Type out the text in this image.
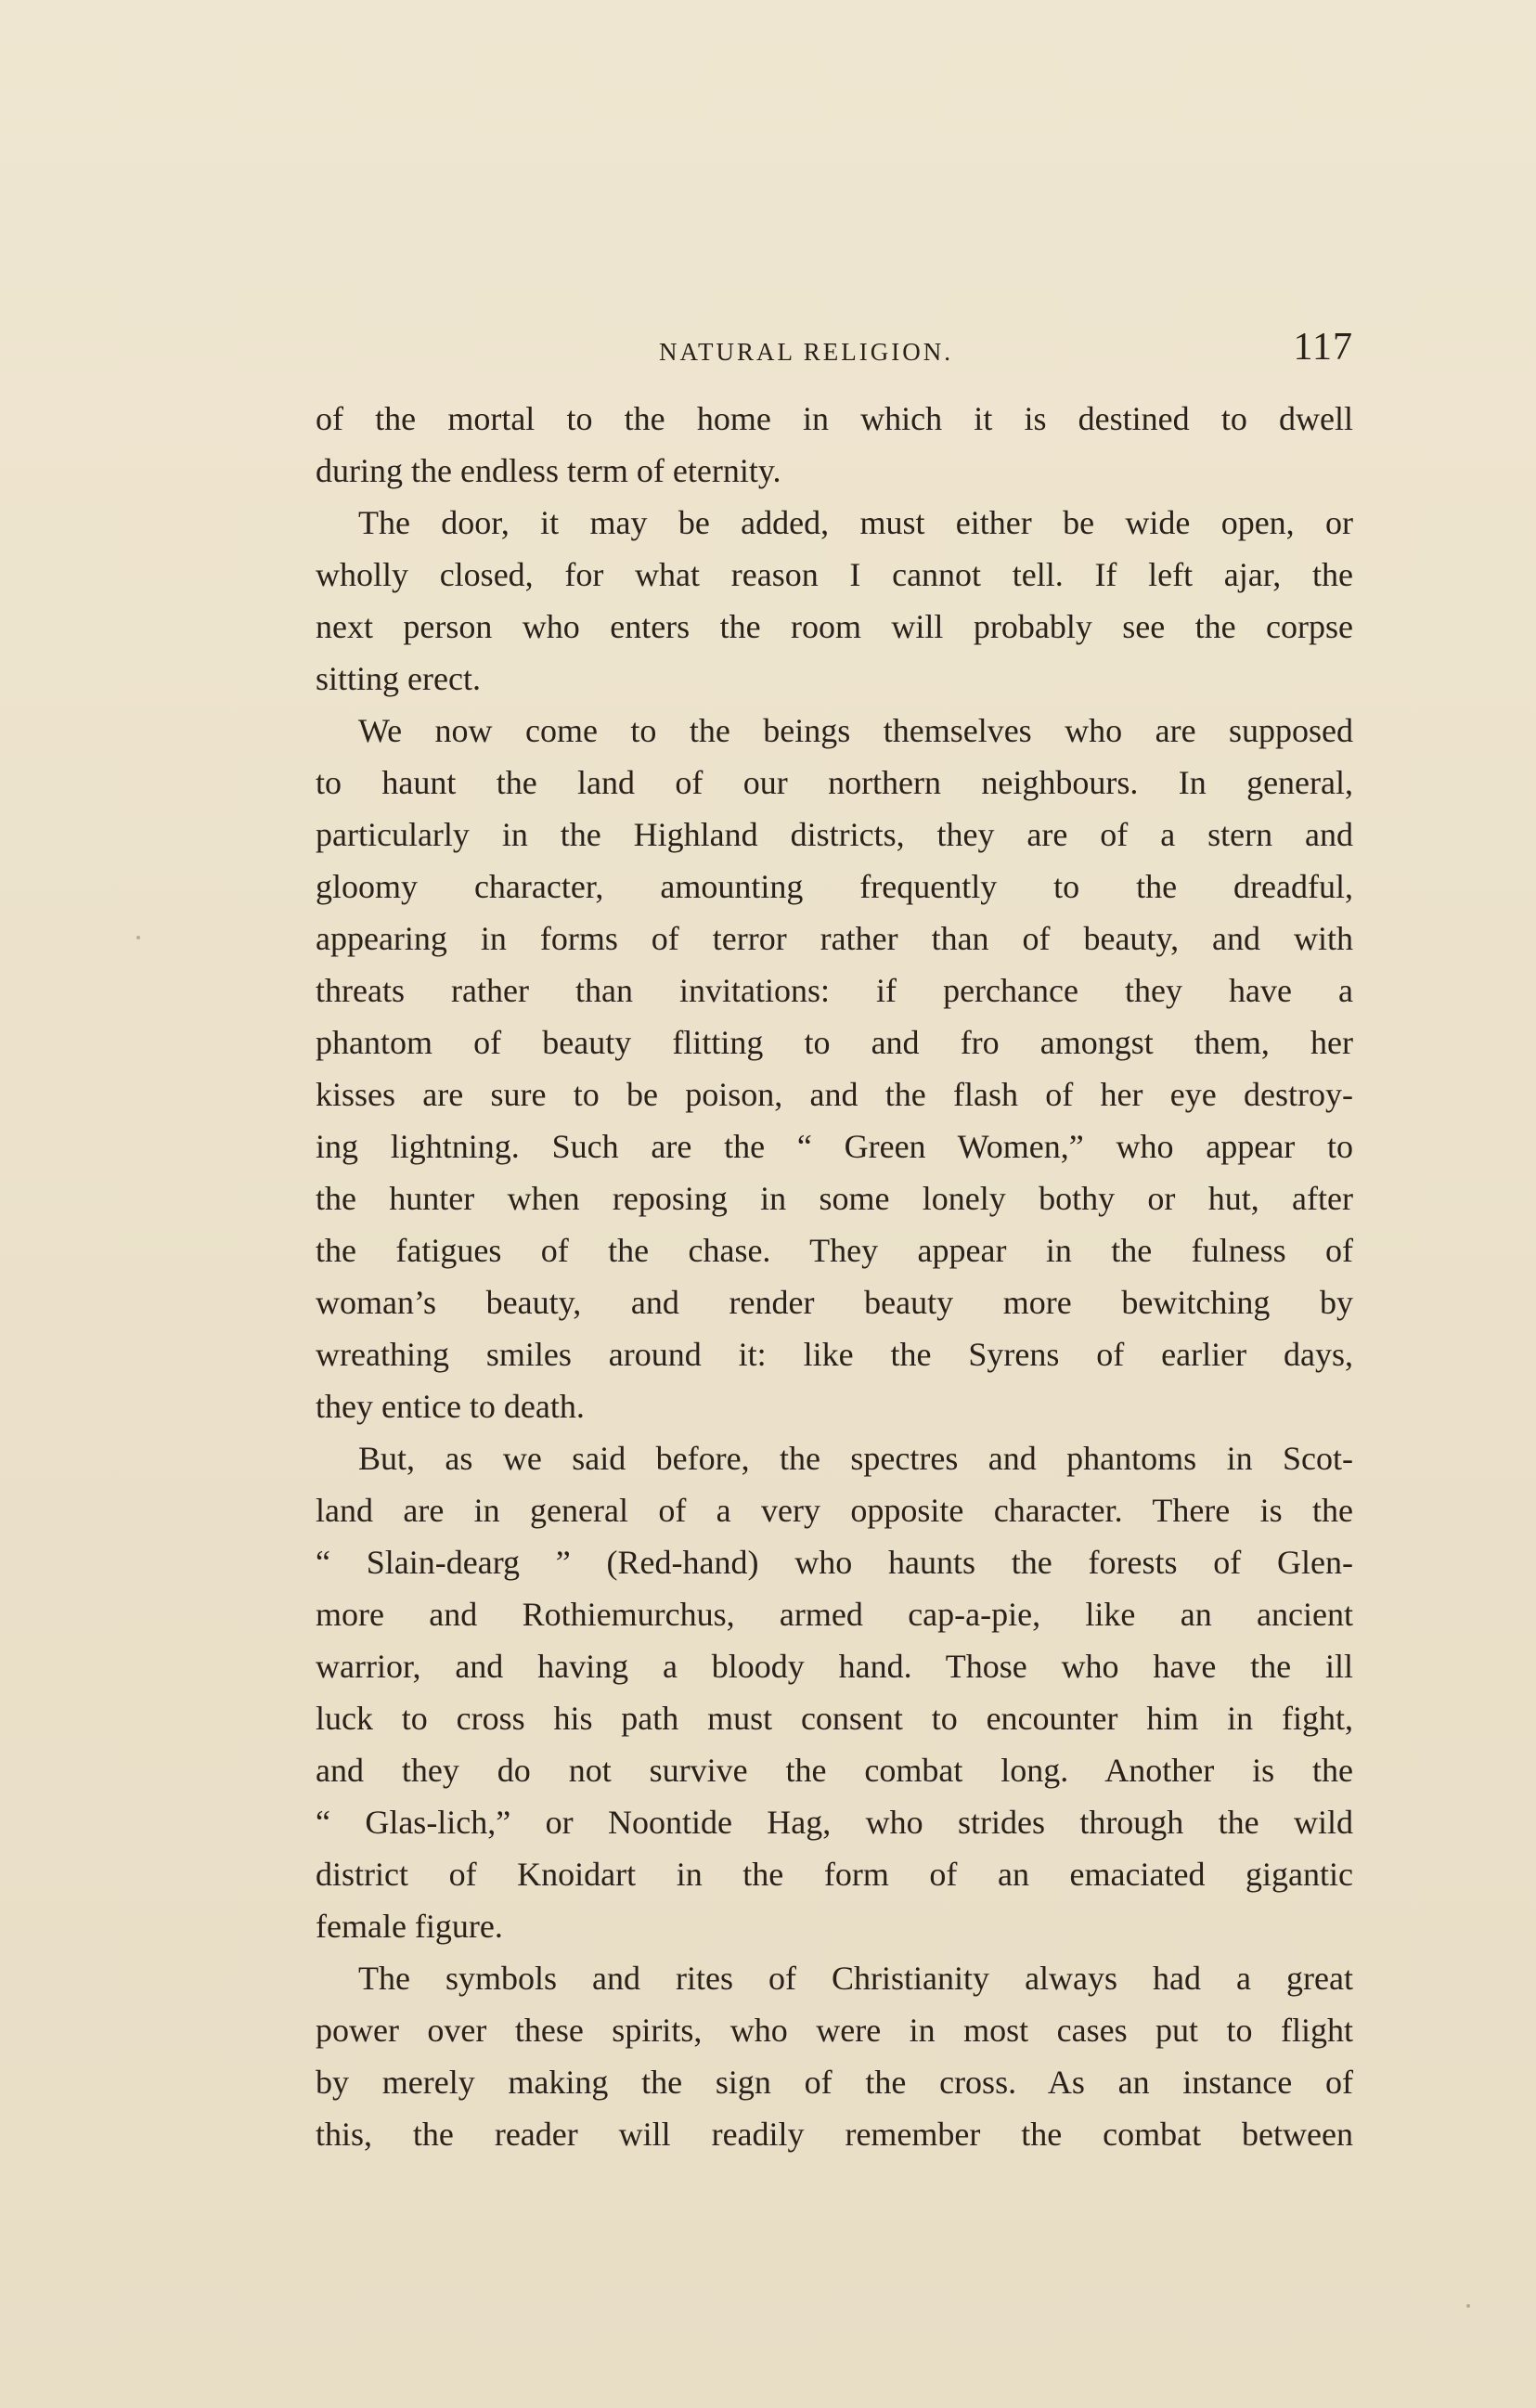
NATURAL RELIGION.	117
of the mortal to the home in which it is destined to dwell
during the endless term of eternity.
The door, it may be added, must either be wide open, or
wholly closed, for what reason I cannot tell. If left ajar, the
next person who enters the room will probably see the corpse
sitting erect.
We now come to the beings themselves who are supposed
to haunt the land of our northern neighbours. In general,
particularly in the Highland districts, they are of a stern and
gloomy character, amounting frequently to the dreadful,
appearing in forms of terror rather than of beauty, and with
threats rather than invitations: if perchance they have a
phantom of beauty flitting to and fro amongst them, her
kisses are sure to be poison, and the flash of her eye destroy-
ing lightning. Such are the “ Green Women,” who appear to
the hunter when reposing in some lonely bothy or hut, after
the fatigues of the chase. They appear in the fulness of
woman’s beauty, and render beauty more bewitching by
wreathing smiles around it: like the Syrens of earlier days,
they entice to death.
But, as we said before, the spectres and phantoms in Scot-
land are in general of a very opposite character. There is the
“ Slain-dearg ” (Red-hand) who haunts the forests of Glen-
more and Rothiemurchus, armed cap-a-pie, like an ancient
warrior, and having a bloody hand. Those who have the ill
luck to cross his path must consent to encounter him in fight,
and they do not survive the combat long. Another is the
“ Glas-lich,” or Noontide Hag, who strides through the wild
district of Knoidart in the form of an emaciated gigantic
female figure.
The symbols and rites of Christianity always had a great
power over these spirits, who were in most cases put to flight
by merely making the sign of the cross. As an instance of
this, the reader will readily remember the combat between
